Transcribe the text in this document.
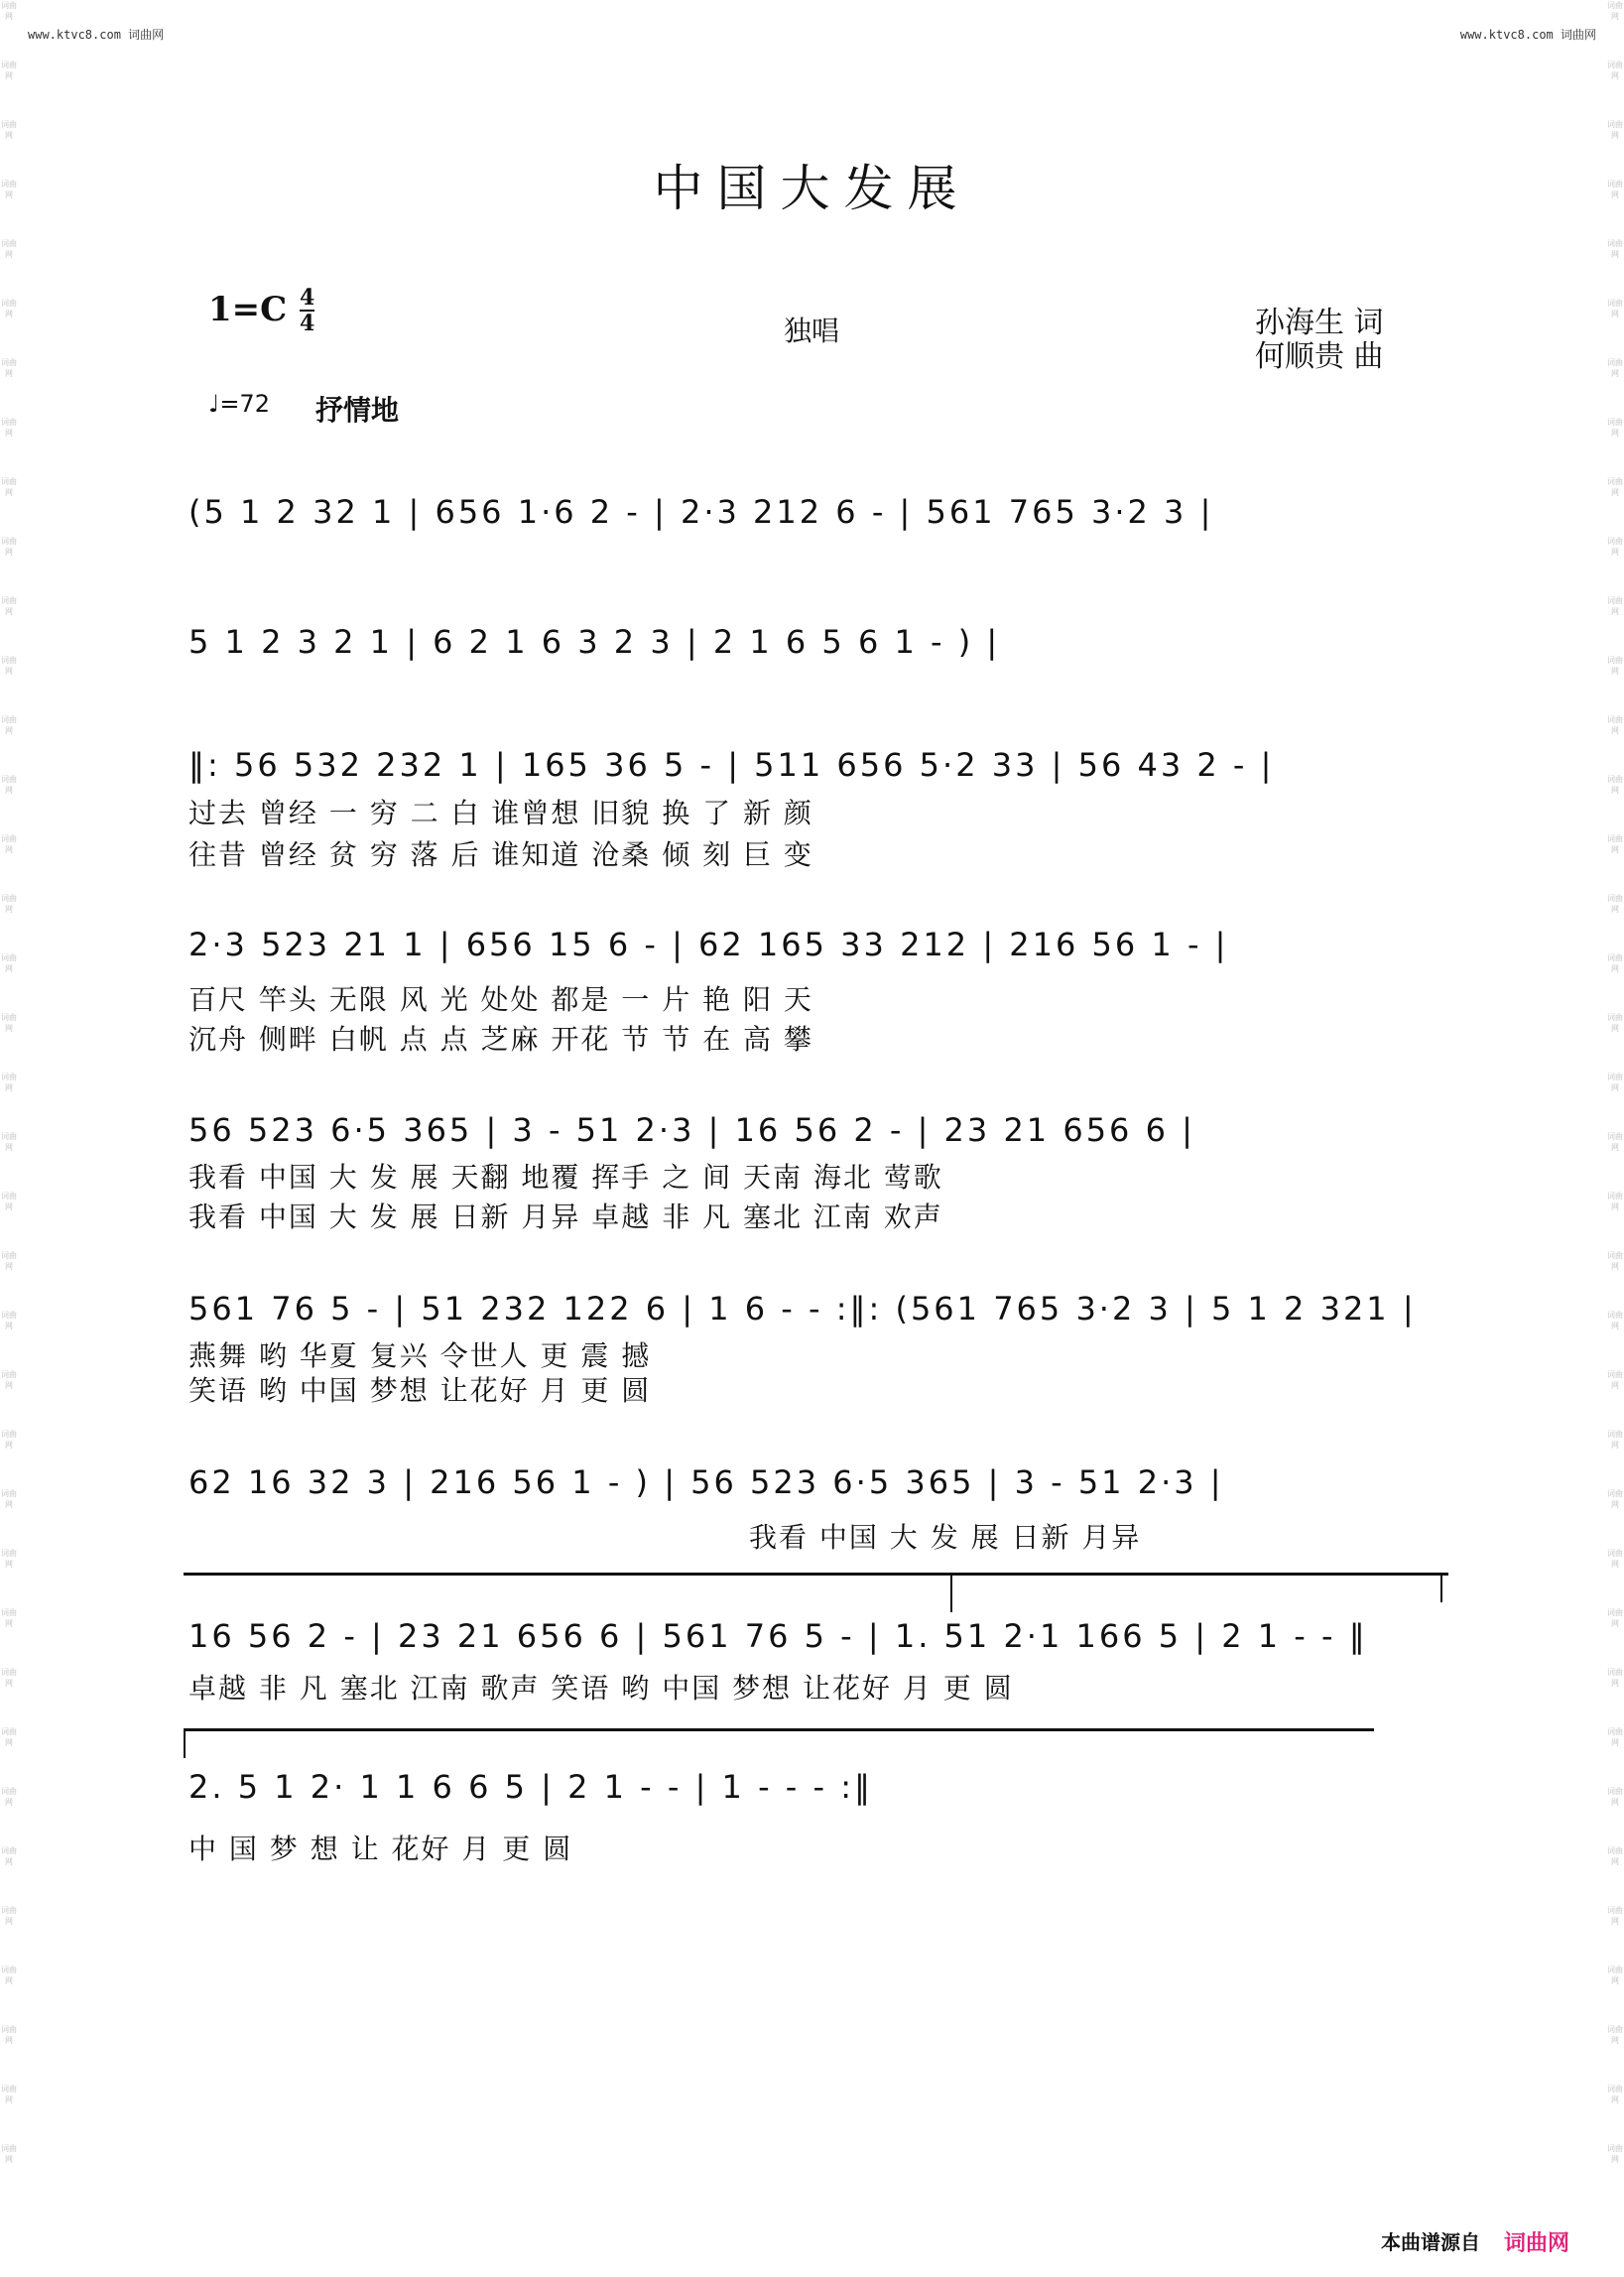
www.ktvc8.com 词曲网	www.ktvc8.com 词曲网
词曲网
词曲网
词曲网
词曲网
词曲网
词曲网
词曲网
词曲网
词曲网
词曲网
词曲网
词曲网
词曲网
词曲网
词曲网
词曲网
词曲网
词曲网
词曲网
词曲网
词曲网
词曲网
词曲网
词曲网
词曲网
词曲网
词曲网
词曲网
词曲网
词曲网
词曲网
词曲网
词曲网
词曲网
词曲网
词曲网
词曲网
词曲网
词曲网
词曲网
词曲网
词曲网
词曲网
词曲网
词曲网
词曲网
词曲网
词曲网
词曲网
词曲网
词曲网
词曲网
词曲网
词曲网
词曲网
词曲网
词曲网
词曲网
词曲网
词曲网
词曲网
词曲网
词曲网
词曲网
词曲网
词曲网
词曲网
词曲网
词曲网
词曲网
词曲网
词曲网
词曲网
词曲网
中国大发展
1=C 4
4	独唱	孙海生 词
何顺贵 曲
♩=72 抒情地
(5 1 2 32 1 | 656 1·6 2 - | 2·3 212 6 - | 561 765 3·2 3 |
5 1 2 3 2 1 | 6 2 1 6 3 2 3 | 2 1 6 5 6 1 - ) |
‖: 56 532 232 1 | 165 36 5 - | 511 656 5·2 33 | 56 43 2 - |
过去 曾经 一 穷 二 白 谁曾想 旧貌 换 了 新 颜
往昔 曾经 贫 穷 落 后 谁知道 沧桑 倾 刻 巨 变
2·3 523 21 1 | 656 15 6 - | 62 165 33 212 | 216 56 1 - |
百尺 竿头 无限 风 光 处处 都是 一 片 艳 阳 天
沉舟 侧畔 白帆 点 点 芝麻 开花 节 节 在 高 攀
56 523 6·5 365 | 3 - 51 2·3 | 16 56 2 - | 23 21 656 6 |
我看 中国 大 发 展 天翻 地覆 挥手 之 间 天南 海北 莺歌
我看 中国 大 发 展 日新 月异 卓越 非 凡 塞北 江南 欢声
561 76 5 - | 51 232 122 6 | 1 6 - - :‖: (561 765 3·2 3 | 5 1 2 321 |
燕舞 哟 华夏 复兴 令世人 更 震 撼
笑语 哟 中国 梦想 让花好 月 更 圆
62 16 32 3 | 216 56 1 - ) | 56 523 6·5 365 | 3 - 51 2·3 |
我看 中国 大 发 展 日新 月异
16 56 2 - | 23 21 656 6 | 561 76 5 - | 1. 51 2·1 166 5 | 2 1 - - ‖
卓越 非 凡 塞北 江南 歌声 笑语 哟 中国 梦想 让花好 月 更 圆
2. 5 1 2· 1 1 6 6 5 | 2 1 - - | 1 - - - :‖
中 国 梦 想 让 花好 月 更 圆
本曲谱源自 词曲网
